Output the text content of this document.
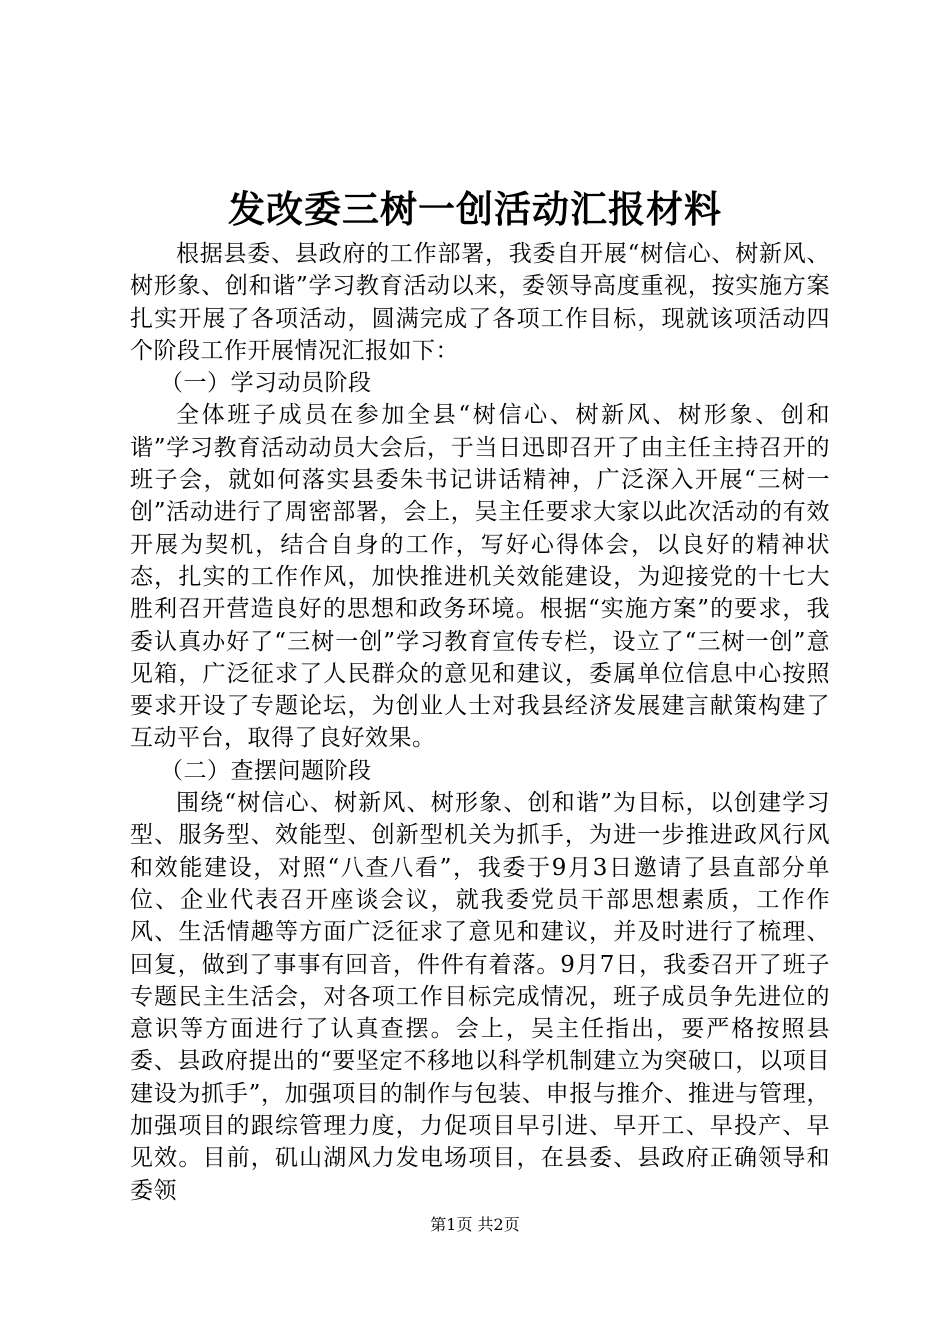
发改委三树一创活动汇报材料

根据县委、县政府的工作部署，我委自开展“树信心、树新风、树形象、创和谐”学习教育活动以来，委领导高度重视，按实施方案扎实开展了各项活动，圆满完成了各项工作目标，现就该项活动四个阶段工作开展情况汇报如下：

（一）学习动员阶段

全体班子成员在参加全县“树信心、树新风、树形象、创和谐”学习教育活动动员大会后，于当日迅即召开了由主任主持召开的班子会，就如何落实县委朱书记讲话精神，广泛深入开展“三树一创”活动进行了周密部署，会上，吴主任要求大家以此次活动的有效开展为契机，结合自身的工作，写好心得体会，以良好的精神状态，扎实的工作作风，加快推进机关效能建设，为迎接党的十七大胜利召开营造良好的思想和政务环境。根据“实施方案”的要求，我委认真办好了“三树一创”学习教育宣传专栏，设立了“三树一创”意见箱，广泛征求了人民群众的意见和建议，委属单位信息中心按照要求开设了专题论坛，为创业人士对我县经济发展建言献策构建了互动平台，取得了良好效果。

（二）查摆问题阶段

围绕“树信心、树新风、树形象、创和谐”为目标，以创建学习型、服务型、效能型、创新型机关为抓手，为进一步推进政风行风和效能建设，对照“八查八看”，我委于9月3日邀请了县直部分单位、企业代表召开座谈会议，就我委党员干部思想素质，工作作风、生活情趣等方面广泛征求了意见和建议，并及时进行了梳理、回复，做到了事事有回音，件件有着落。9月7日，我委召开了班子专题民主生活会，对各项工作目标完成情况，班子成员争先进位的意识等方面进行了认真查摆。会上，吴主任指出，要严格按照县委、县政府提出的“要坚定不移地以科学机制建立为突破口，以项目建设为抓手”，加强项目的制作与包装、申报与推介、推进与管理，加强项目的跟综管理力度，力促项目早引进、早开工、早投产、早见效。目前，矶山湖风力发电场项目，在县委、县政府正确领导和委领

第1页 共2页
